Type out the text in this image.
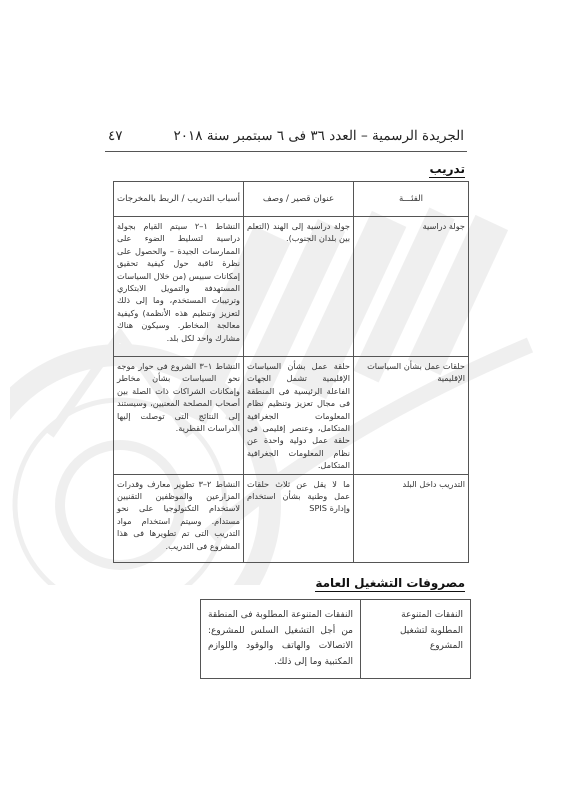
الجريدة الرسمية – العدد ٣٦ فى ٦ سبتمبر سنة ٢٠١٨
٤٧
تدريب
الفئـــة	عنوان قصير / وصف	أسباب التدريب / الربط بالمخرجات
جولة دراسية	جولة دراسية إلى الهند (التعلم بين بلدان الجنوب).	النشاط ١–٢ سيتم القيام بجولة دراسية لتسليط الضوء على الممارسات الجيدة – والحصول على نظرة ثاقبة حول كيفية تحقيق إمكانات سبيس (من خلال السياسات المستهدفة والتمويل الابتكاري وترتيبات المستخدم، وما إلى ذلك لتعزيز وتنظيم هذه الأنظمة) وكيفية معالجة المخاطر. وسيكون هناك مشارك واحد لكل بلد.
حلقات عمل بشأن السياسات الإقليمية	حلقة عمل بشأن السياسات الإقليمية تشمل الجهات الفاعلة الرئيسية فى المنطقة فى مجال تعزيز وتنظيم نظام المعلومات الجغرافية المتكامل، وعنصر إقليمى فى حلقة عمل دولية واحدة عن نظام المعلومات الجغرافية المتكامل.	النشاط ١–٣ الشروع فى حوار موجه نحو السياسات بشأن مخاطر وإمكانات الشراكات ذات الصلة بين أصحاب المصلحة المعنيين، وسيستند إلى النتائج التى توصلت إليها الدراسات القطرية.
التدريب داخل البلد	ما لا يقل عن ثلاث حلقات عمل وطنية بشأن استخدام وإدارة SPIS	النشاط ٢–٣ تطوير معارف وقدرات المزارعين والموظفين التقنيين لاستخدام التكنولوجيا على نحو مستدام. وسيتم استخدام مواد التدريب التى تم تطويرها فى هذا المشروع فى التدريب.
مصروفات التشغيل العامة
النفقات المتنوعة المطلوبة لتشغيل المشروع	النفقات المتنوعة المطلوبة فى المنطقة من أجل التشغيل السلس للمشروع: الاتصالات والهاتف والوقود واللوازم المكتبية وما إلى ذلك.
